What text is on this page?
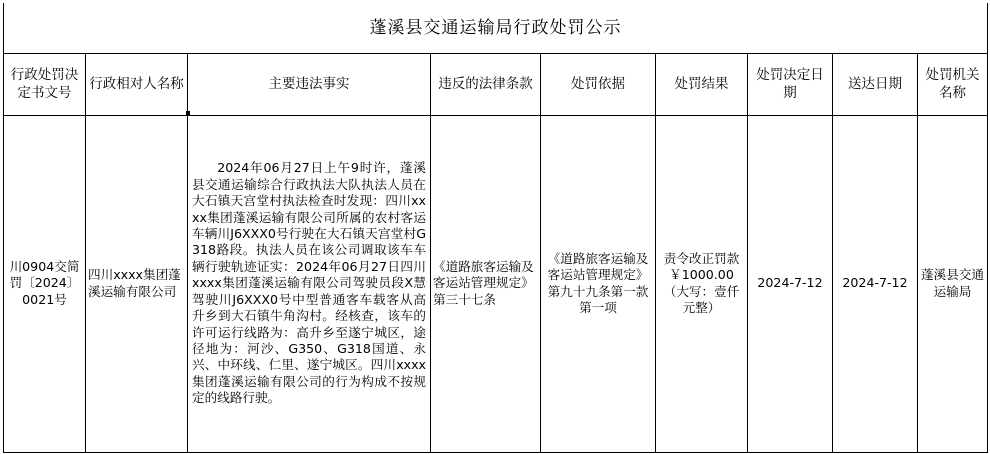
蓬溪县交通运输局行政处罚公示								
行政处罚决定书文号	行政相对人名称	主要违法事实	违反的法律条款	处罚依据	处罚结果	处罚决定日期	送达日期	处罚机关名称
川0904交简罚〔2024〕0021号	四川xxxx集团蓬溪运输有限公司	2024年06月27日上午9时许，蓬溪县交通运输综合行政执法大队执法人员在大石镇天宫堂村执法检查时发现：四川xxxx集团蓬溪运输有限公司所属的农村客运车辆川J6XXX0号行驶在大石镇天宫堂村G318路段。执法人员在该公司调取该车车辆行驶轨迹证实：2024年06月27日四川xxxx集团蓬溪运输有限公司驾驶员段X慧驾驶川J6XXX0号中型普通客车载客从高升乡到大石镇牛角沟村。经核查，该车的许可运行线路为：高升乡至遂宁城区，途径地为：河沙、G350、G318国道、永兴、中环线、仁里、遂宁城区。四川xxxx集团蓬溪运输有限公司的行为构成不按规定的线路行驶。	《道路旅客运输及客运站管理规定》第三十七条	《道路旅客运输及客运站管理规定》第九十九条第一款第一项	责令改正罚款￥1000.00（大写：壹仟元整）	2024-7-12	2024-7-12	蓬溪县交通运输局
